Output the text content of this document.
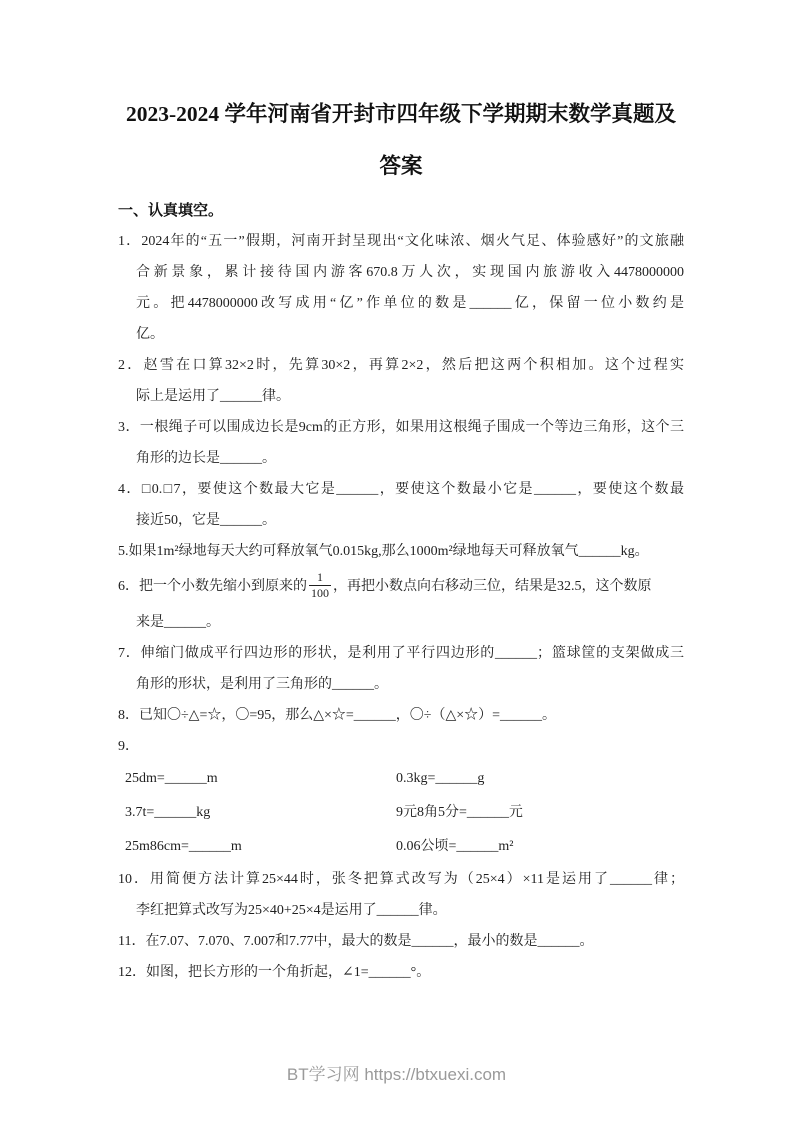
2023-2024 学年河南省开封市四年级下学期期末数学真题及
答案
一、认真填空。
1．2024年的“五一”假期，河南开封呈现出“文化味浓、烟火气足、体验感好”的文旅融
合新景象，累计接待国内游客670.8万人次，实现国内旅游收入4478000000
元。把4478000000改写成用“亿”作单位的数是______亿，保留一位小数约是
亿。
2．赵雪在口算32×2时，先算30×2，再算2×2，然后把这两个积相加。这个过程实
际上是运用了______律。
3．一根绳子可以围成边长是9cm的正方形，如果用这根绳子围成一个等边三角形，这个三
角形的边长是______。
4．□0.□7，要使这个数最大它是______，要使这个数最小它是______，要使这个数最
接近50，它是______。
5.如果1m²绿地每天大约可释放氧气0.015kg,那么1000m²绿地每天可释放氧气______kg。
6．把一个小数先缩小到原来的 $\frac{1}{100}$ ，再把小数点向右移动三位，结果是32.5，这个数原
来是______。
7．伸缩门做成平行四边形的形状，是利用了平行四边形的______；篮球筐的支架做成三
角形的形状，是利用了三角形的______。
8．已知〇÷△=☆，〇=95，那么△×☆=______，〇÷（△×☆）=______。
9．
25dm=______m	0.3kg=______g
3.7t=______kg	9元8角5分=______元
25m86cm=______m	0.06公顷=______m²
10．用简便方法计算25×44时，张冬把算式改写为（25×4）×11是运用了______律；
李红把算式改写为25×40+25×4是运用了______律。
11．在7.07、7.070、7.007和7.77中，最大的数是______，最小的数是______。
12．如图，把长方形的一个角折起，∠1=______°。
BT学习网 https://btxuexi.com
